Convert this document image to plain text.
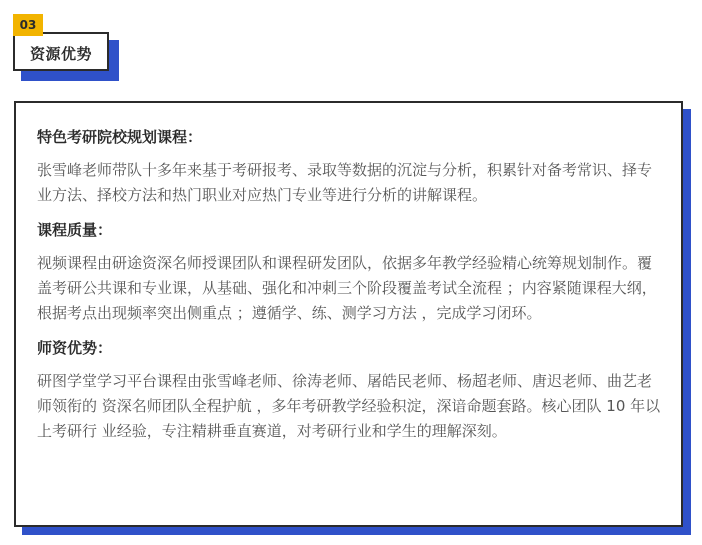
资源优势
03

特色考研院校规划课程：

张雪峰老师带队十多年来基于考研报考、录取等数据的沉淀与分析，积累针对备考常识、择专业方法、择校方法和热门职业对应热门专业等进行分析的讲解课程。

课程质量：

视频课程由研途资深名师授课团队和课程研发团队，依据多年教学经验精心统筹规划制作。覆盖考研公共课和专业课，从基础、强化和冲刺三个阶段覆盖考试全流程 ；内容紧随课程大纲，根据考点出现频率突出侧重点 ；遵循学、练、测学习方法 ，完成学习闭环。

师资优势：

研图学堂学习平台课程由张雪峰老师、徐涛老师、屠皓民老师、杨超老师、唐迟老师、曲艺老师领衔的 资深名师团队全程护航 ，多年考研教学经验积淀，深谙命题套路。核心团队 10 年以上考研行 业经验，专注精耕垂直赛道，对考研行业和学生的理解深刻。
